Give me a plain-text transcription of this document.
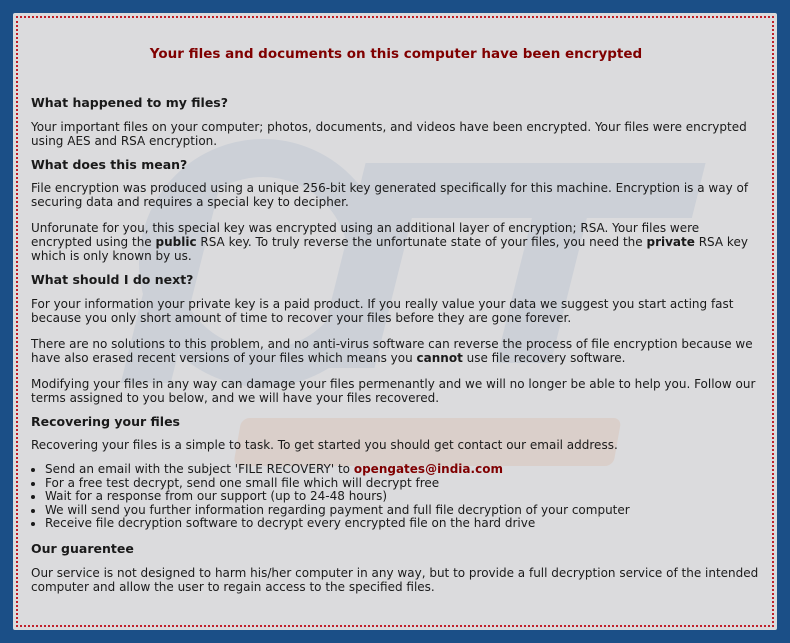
Your files and documents on this computer have been encrypted
What happened to my files?

Your important files on your computer; photos, documents, and videos have been encrypted. Your files were encrypted using AES and RSA encryption.

What does this mean?

File encryption was produced using a unique 256-bit key generated specifically for this machine. Encryption is a way of securing data and requires a special key to decipher.

Unforunate for you, this special key was encrypted using an additional layer of encryption; RSA. Your files were encrypted using the public RSA key. To truly reverse the unfortunate state of your files, you need the private RSA key which is only known by us.

What should I do next?

For your information your private key is a paid product. If you really value your data we suggest you start acting fast because you only short amount of time to recover your files before they are gone forever.

There are no solutions to this problem, and no anti-virus software can reverse the process of file encryption because we have also erased recent versions of your files which means you cannot use file recovery software.

Modifying your files in any way can damage your files permenantly and we will no longer be able to help you. Follow our terms assigned to you below, and we will have your files recovered.

Recovering your files

Recovering your files is a simple to task. To get started you should get contact our email address.

• Send an email with the subject 'FILE RECOVERY' to opengates@india.com
• For a free test decrypt, send one small file which will decrypt free
• Wait for a response from our support (up to 24-48 hours)
• We will send you further information regarding payment and full file decryption of your computer
• Receive file decryption software to decrypt every encrypted file on the hard drive
Our guarentee

Our service is not designed to harm his/her computer in any way, but to provide a full decryption service of the intended computer and allow the user to regain access to the specified files.
